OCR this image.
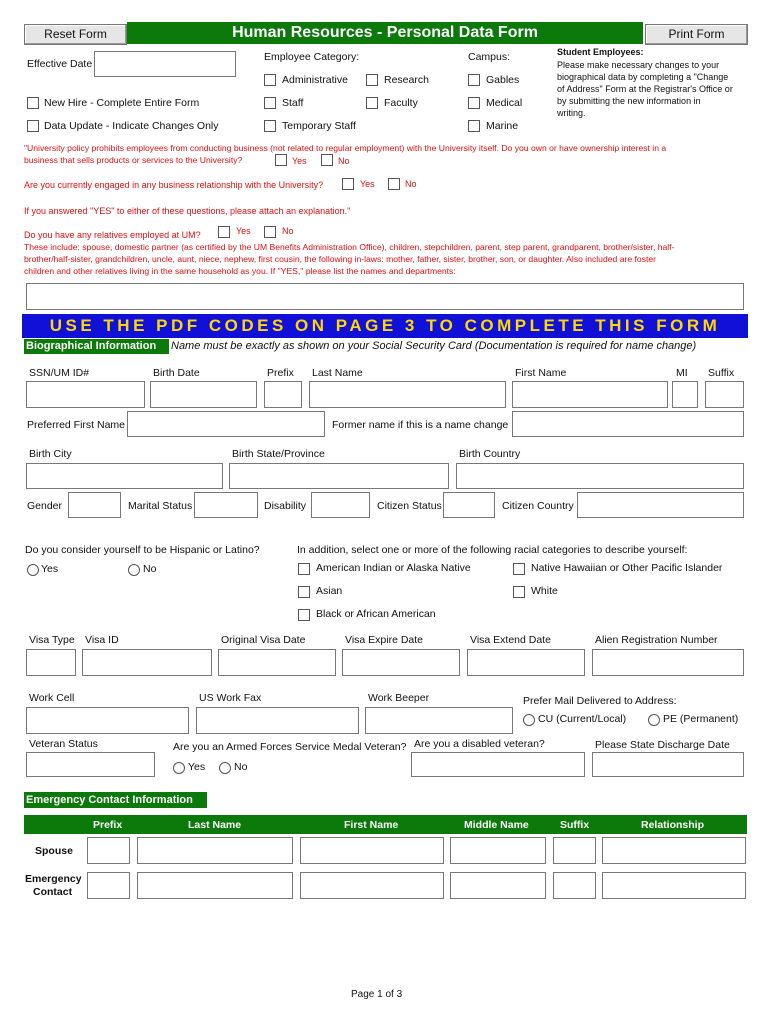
Reset Form	Human Resources - Personal Data Form	Print Form
Effective Date
New Hire - Complete Entire Form
Data Update - Indicate Changes Only
Employee Category:
Administrative	Research
Staff	Faculty
Temporary Staff
Campus:
Gables
Medical
Marine
Student Employees:
Please make necessary changes to your
biographical data by completing a "Change
of Address" Form at the Registrar's Office or
by submitting the new information in
writing.
"University policy prohibits employees from conducting business (not related to regular employment) with the University itself. Do you own or have ownership interest in a
business that sells products or services to the University?	Yes	No
Are you currently engaged in any business relationship with the University?	Yes	No
If you answered "YES" to either of these questions, please attach an explanation."
Do you have any relatives employed at UM?	Yes	No
These include: spouse, domestic partner (as certified by the UM Benefits Administration Office), children, stepchildren, parent, step parent, grandparent, brother/sister, half-
brother/half-sister, grandchildren, uncle, aunt, niece, nephew, first cousin, the following in-laws: mother, father, sister, brother, son, or daughter. Also included are foster
children and other relatives living in the same household as you. If "YES," please list the names and departments:
USE THE PDF CODES ON PAGE 3 TO COMPLETE THIS FORM
Biographical Information	Name must be exactly as shown on your Social Security Card (Documentation is required for name change)
SSN/UM ID#	Birth Date	Prefix Last Name	First Name	MI Suffix
Preferred First Name	Former name if this is a name change
Birth City	Birth State/Province	Birth Country
Gender	Marital Status	Disability	Citizen Status	Citizen Country
Do you consider yourself to be Hispanic or Latino?
Yes	No
In addition, select one or more of the following racial categories to describe yourself:
American Indian or Alaska Native	Native Hawaiian or Other Pacific Islander
Asian	White
Black or African American
Visa Type Visa ID	Original Visa Date	Visa Expire Date	Visa Extend Date	Alien Registration Number
Work Cell	US Work Fax	Work Beeper	Prefer Mail Delivered to Address:
CU (Current/Local)	PE (Permanent)
Veteran Status	Are you an Armed Forces Service Medal Veteran?
Yes	No
Are you a disabled veteran?	Please State Discharge Date
Emergency Contact Information
Prefix	Last Name	First Name	Middle Name	Suffix	Relationship
Spouse
Emergency
Contact
Page 1 of 3
